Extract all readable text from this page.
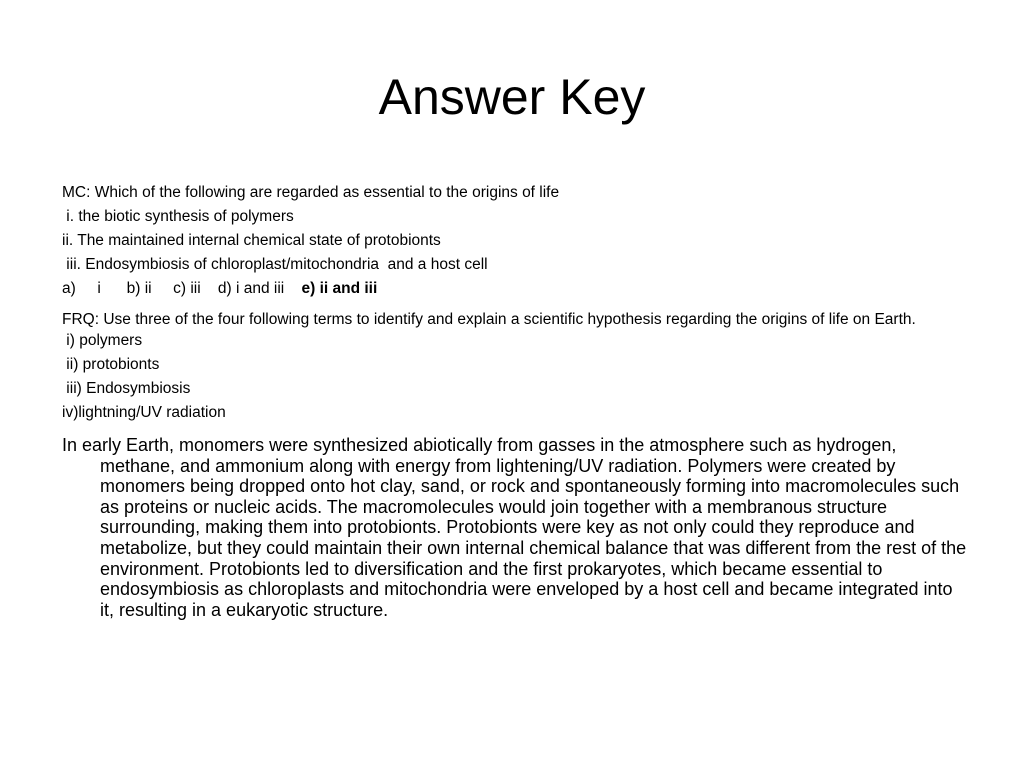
Answer Key
MC: Which of the following are regarded as essential to the origins of life
i. the biotic synthesis of polymers
ii. The maintained internal chemical state of protobionts
iii. Endosymbiosis of chloroplast/mitochondria  and a host cell
a)     i      b) ii     c) iii    d) i and iii e) ii and iii
FRQ: Use three of the four following terms to identify and explain a scientific hypothesis regarding the origins of life on Earth.
i) polymers
ii) protobionts
iii) Endosymbiosis
iv)lightning/UV radiation
In early Earth, monomers were synthesized abiotically from gasses in the atmosphere such as hydrogen, methane, and ammonium along with energy from lightening/UV radiation. Polymers were created by monomers being dropped onto hot clay, sand, or rock and spontaneously forming into macromolecules such as proteins or nucleic acids. The macromolecules would join together with a membranous structure surrounding, making them into protobionts. Protobionts were key as not only could they reproduce and metabolize, but they could maintain their own internal chemical balance that was different from the rest of the environment. Protobionts led to diversification and the first prokaryotes, which became essential to endosymbiosis as chloroplasts and mitochondria were enveloped by a host cell and became integrated into it, resulting in a eukaryotic structure.
